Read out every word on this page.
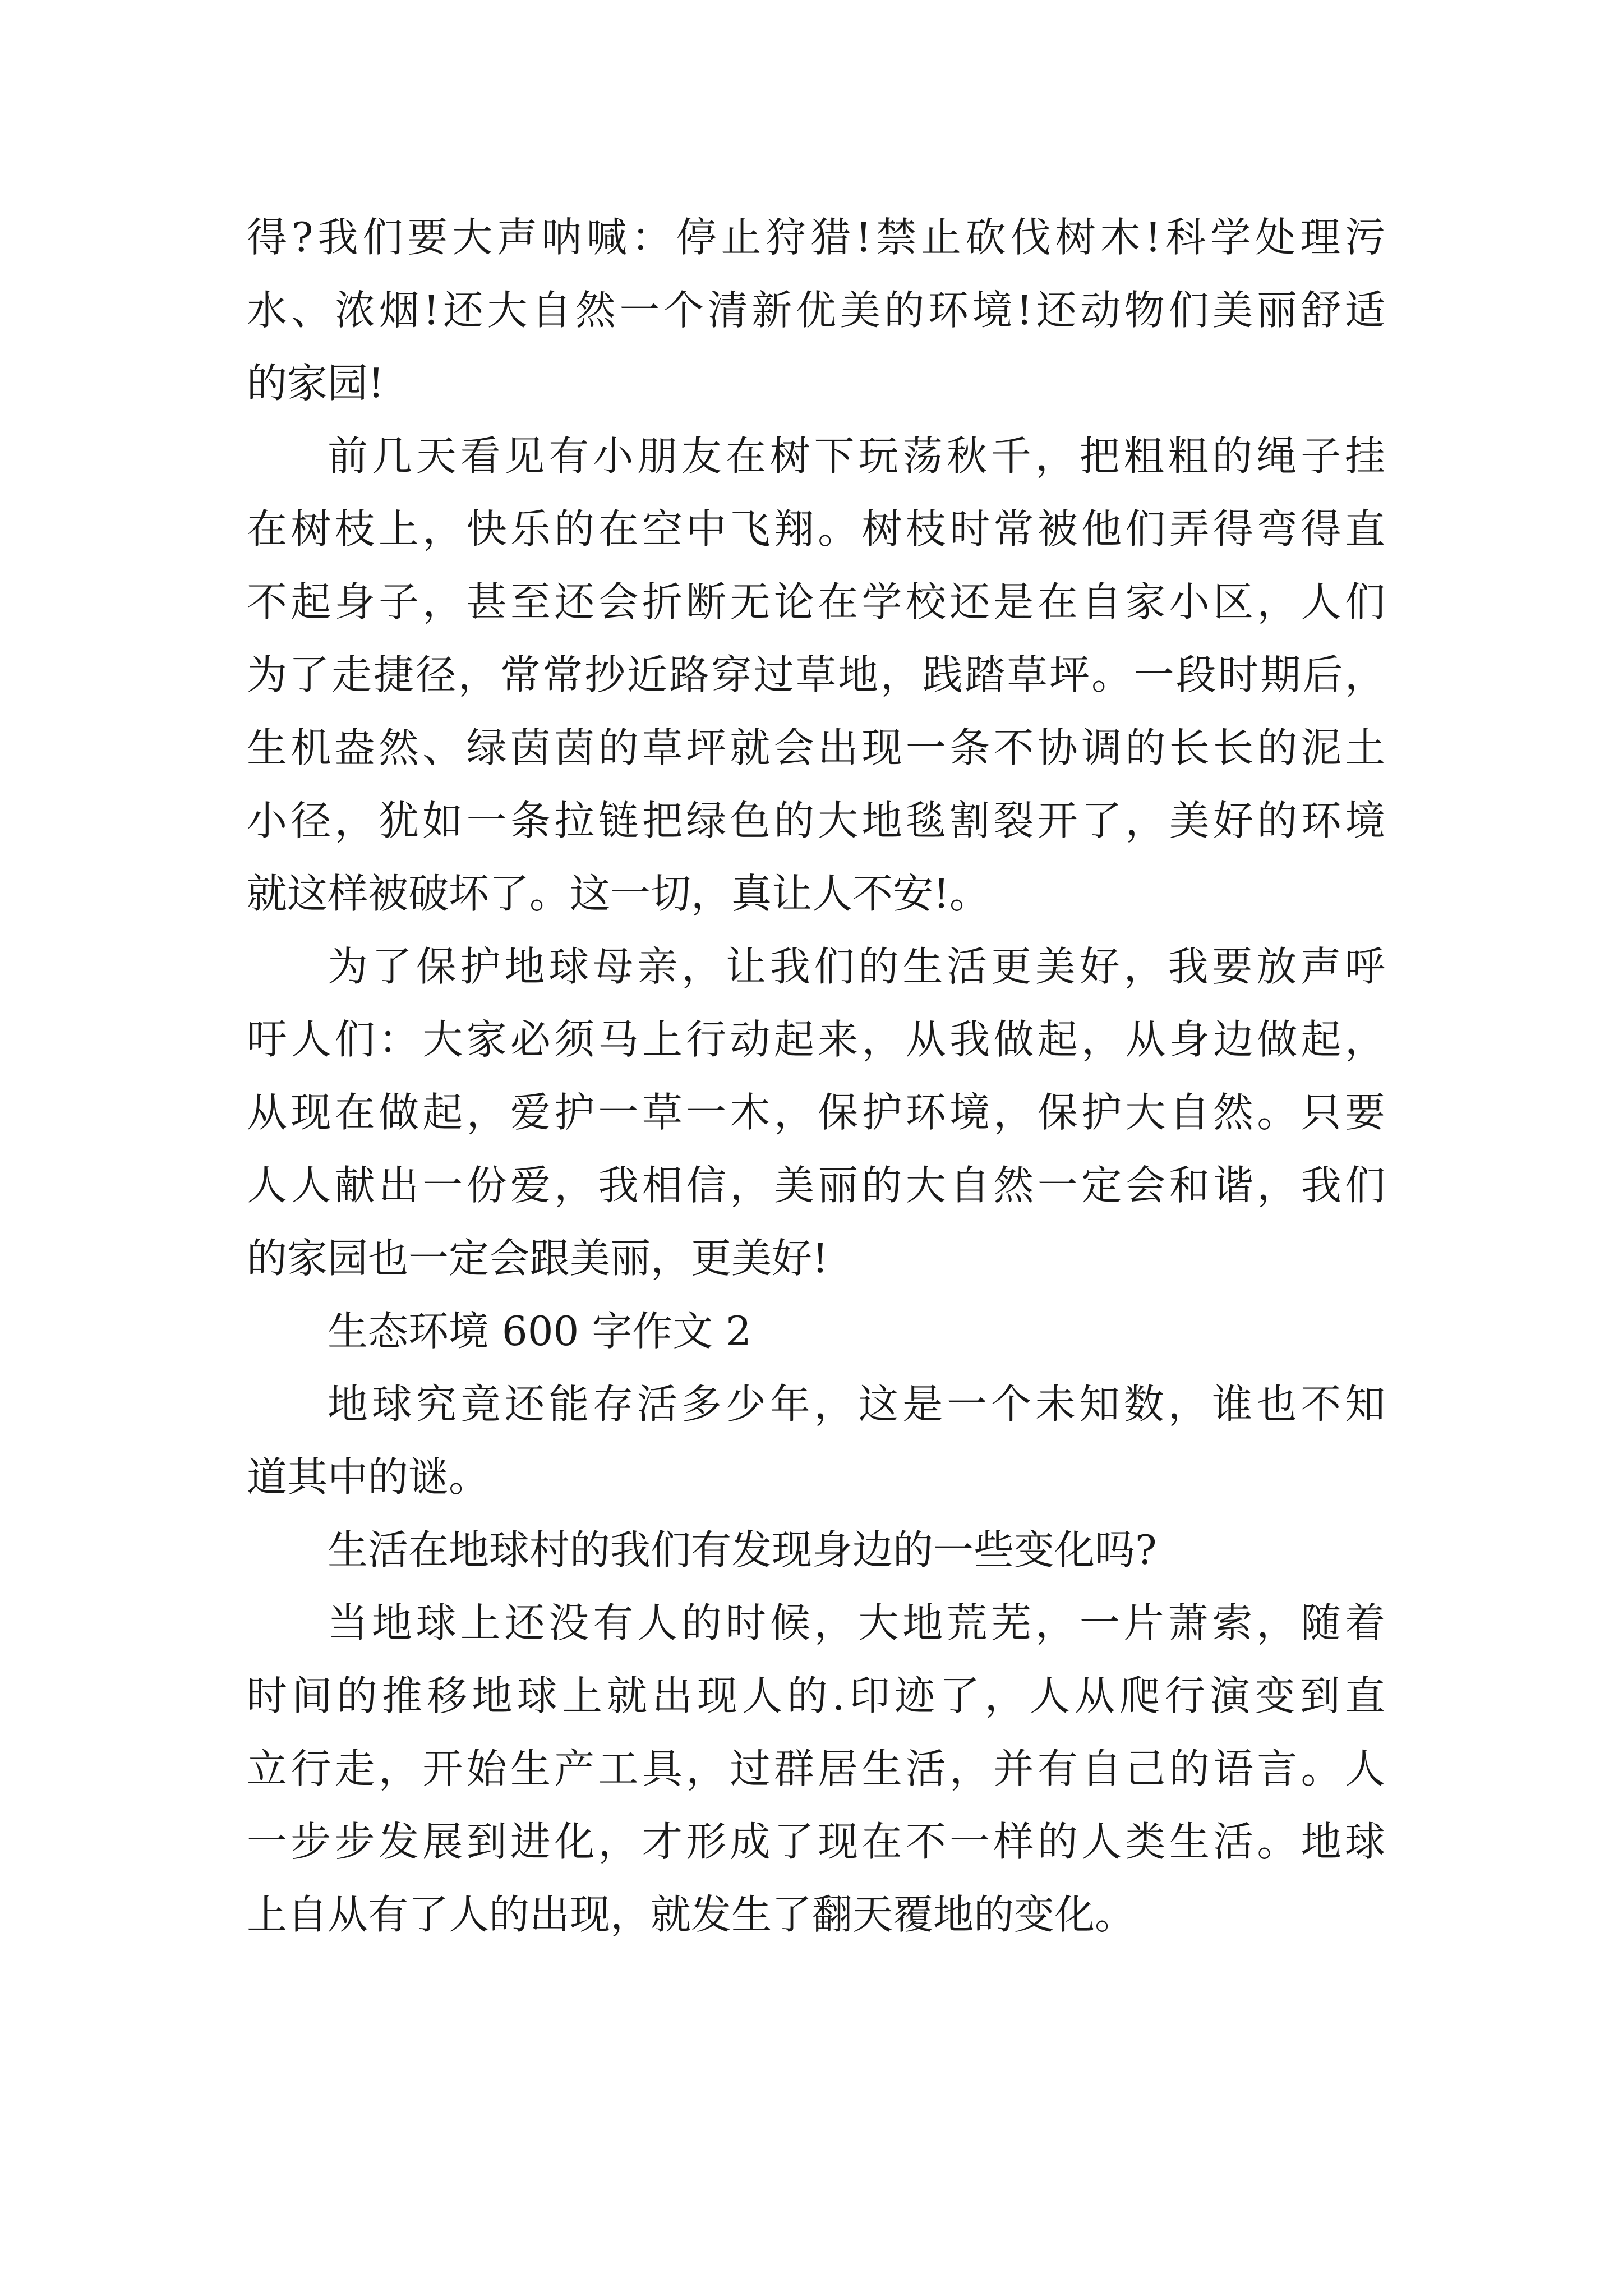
得?我们要大声呐喊：停止狩猎!禁止砍伐树木!科学处理污
水、浓烟!还大自然一个清新优美的环境!还动物们美丽舒适
的家园!
前几天看见有小朋友在树下玩荡秋千，把粗粗的绳子挂
在树枝上，快乐的在空中飞翔。树枝时常被他们弄得弯得直
不起身子，甚至还会折断无论在学校还是在自家小区，人们
为了走捷径，常常抄近路穿过草地，践踏草坪。一段时期后，
生机盎然、绿茵茵的草坪就会出现一条不协调的长长的泥土
小径，犹如一条拉链把绿色的大地毯割裂开了，美好的环境
就这样被破坏了。这一切，真让人不安!。
为了保护地球母亲，让我们的生活更美好，我要放声呼
吁人们：大家必须马上行动起来，从我做起，从身边做起，
从现在做起，爱护一草一木，保护环境，保护大自然。只要
人人献出一份爱，我相信，美丽的大自然一定会和谐，我们
的家园也一定会跟美丽，更美好!
生态环境 600 字作文 2
地球究竟还能存活多少年，这是一个未知数，谁也不知
道其中的谜。
生活在地球村的我们有发现身边的一些变化吗?
当地球上还没有人的时候，大地荒芜，一片萧索，随着
时间的推移地球上就出现人的.印迹了，人从爬行演变到直
立行走，开始生产工具，过群居生活，并有自己的语言。人
一步步发展到进化，才形成了现在不一样的人类生活。地球
上自从有了人的出现，就发生了翻天覆地的变化。
